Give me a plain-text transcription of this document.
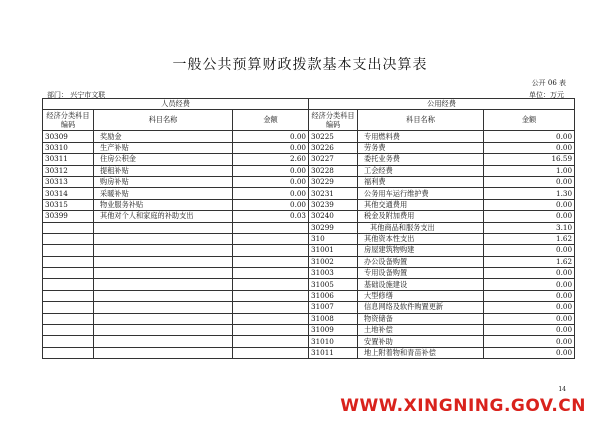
一般公共预算财政拨款基本支出决算表
公开 06 表
部门： 兴宁市文联	单位：万元
人员经费			公用经费		
经济分类科目编码	科目名称	金额	经济分类科目编码	科目名称	金额
30309	奖励金	0.00	30225	专用燃料费	0.00
30310	生产补贴	0.00	30226	劳务费	0.00
30311	住房公积金	2.60	30227	委托业务费	16.59
30312	提租补贴	0.00	30228	工会经费	1.00
30313	购房补贴	0.00	30229	福利费	0.00
30314	采暖补贴	0.00	30231	公务用车运行维护费	1.30
30315	物业服务补贴	0.00	30239	其他交通费用	0.00
30399	其他对个人和家庭的补助支出	0.03	30240	税金及附加费用	0.00
			30299	其他商品和服务支出	3.10
			310	其他资本性支出	1.62
			31001	房屋建筑物购建	0.00
			31002	办公设备购置	1.62
			31003	专用设备购置	0.00
			31005	基础设施建设	0.00
			31006	大型修缮	0.00
			31007	信息网络及软件购置更新	0.00
			31008	物资储备	0.00
			31009	土地补偿	0.00
			31010	安置补助	0.00
			31011	地上附着物和青苗补偿	0.00
14
WWW.XINGNING.GOV.CN
